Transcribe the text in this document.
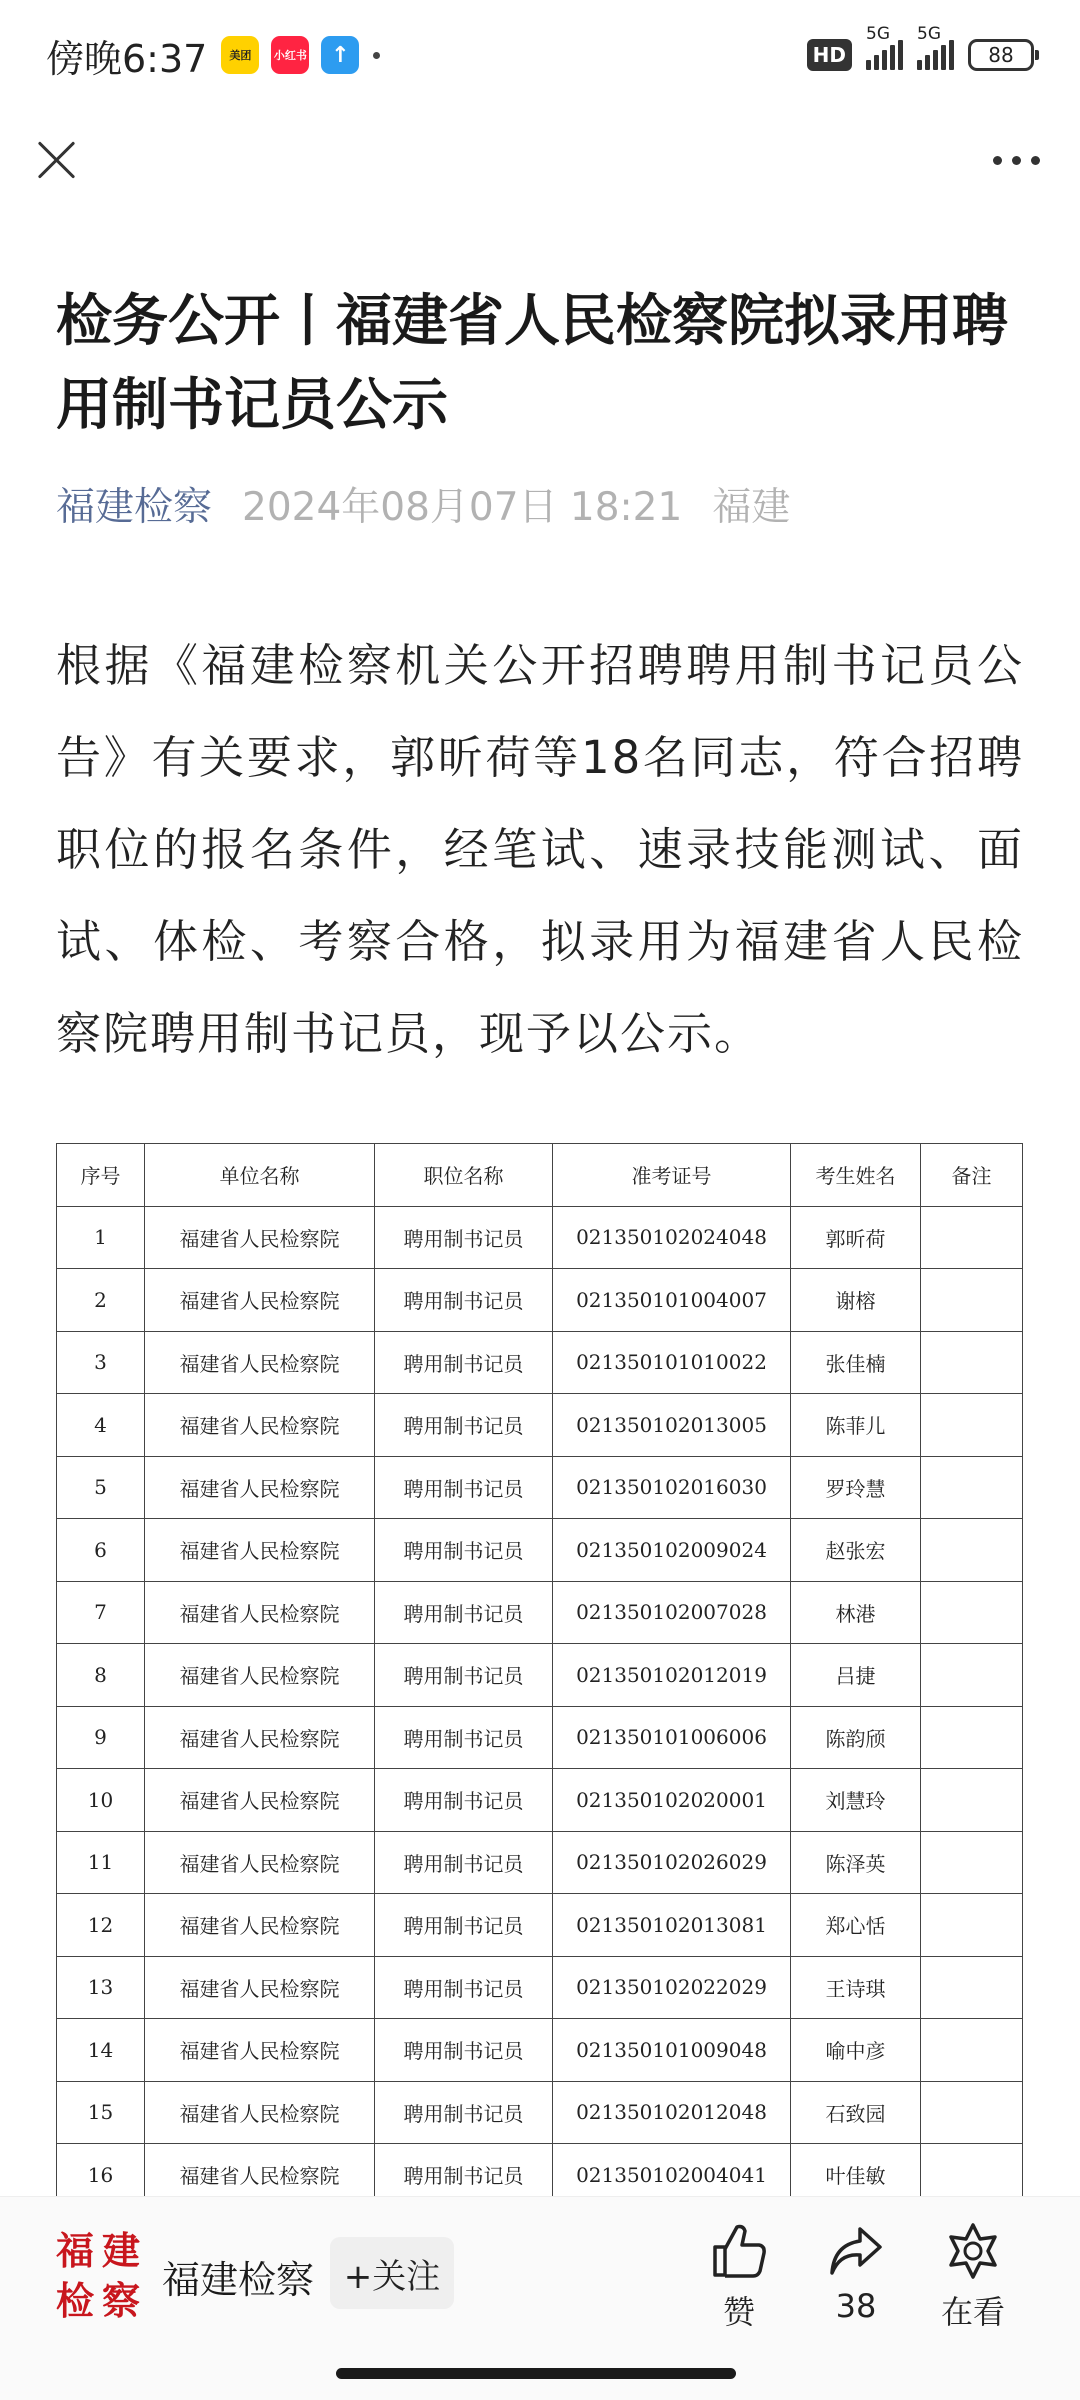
傍晚6:37	美团	小红书	↑	HD
5G 5G
88
检务公开丨福建省人民检察院拟录用聘用制书记员公示
福建检察 2024年08月07日 18:21 福建

根据《福建检察机关公开招聘聘用制书记员公告》有关要求，郭昕荷等18名同志，符合招聘职位的报名条件，经笔试、速录技能测试、面试、体检、考察合格，拟录用为福建省人民检察院聘用制书记员，现予以公示。

序号	单位名称	职位名称	准考证号	考生姓名	备注
1	福建省人民检察院	聘用制书记员	021350102024048	郭昕荷	
2	福建省人民检察院	聘用制书记员	021350101004007	谢榕	
3	福建省人民检察院	聘用制书记员	021350101010022	张佳楠	
4	福建省人民检察院	聘用制书记员	021350102013005	陈菲儿	
5	福建省人民检察院	聘用制书记员	021350102016030	罗玲慧	
6	福建省人民检察院	聘用制书记员	021350102009024	赵张宏	
7	福建省人民检察院	聘用制书记员	021350102007028	林港	
8	福建省人民检察院	聘用制书记员	021350102012019	吕捷	
9	福建省人民检察院	聘用制书记员	021350101006006	陈韵颀	
10	福建省人民检察院	聘用制书记员	021350102020001	刘慧玲	
11	福建省人民检察院	聘用制书记员	021350102026029	陈泽英	
12	福建省人民检察院	聘用制书记员	021350102013081	郑心恬	
13	福建省人民检察院	聘用制书记员	021350102022029	王诗琪	
14	福建省人民检察院	聘用制书记员	021350101009048	喻中彦	
15	福建省人民检察院	聘用制书记员	021350102012048	石致园	
16	福建省人民检察院	聘用制书记员	021350102004041	叶佳敏	
福 建
检 察 福建检察 +关注
赞	38	在看
